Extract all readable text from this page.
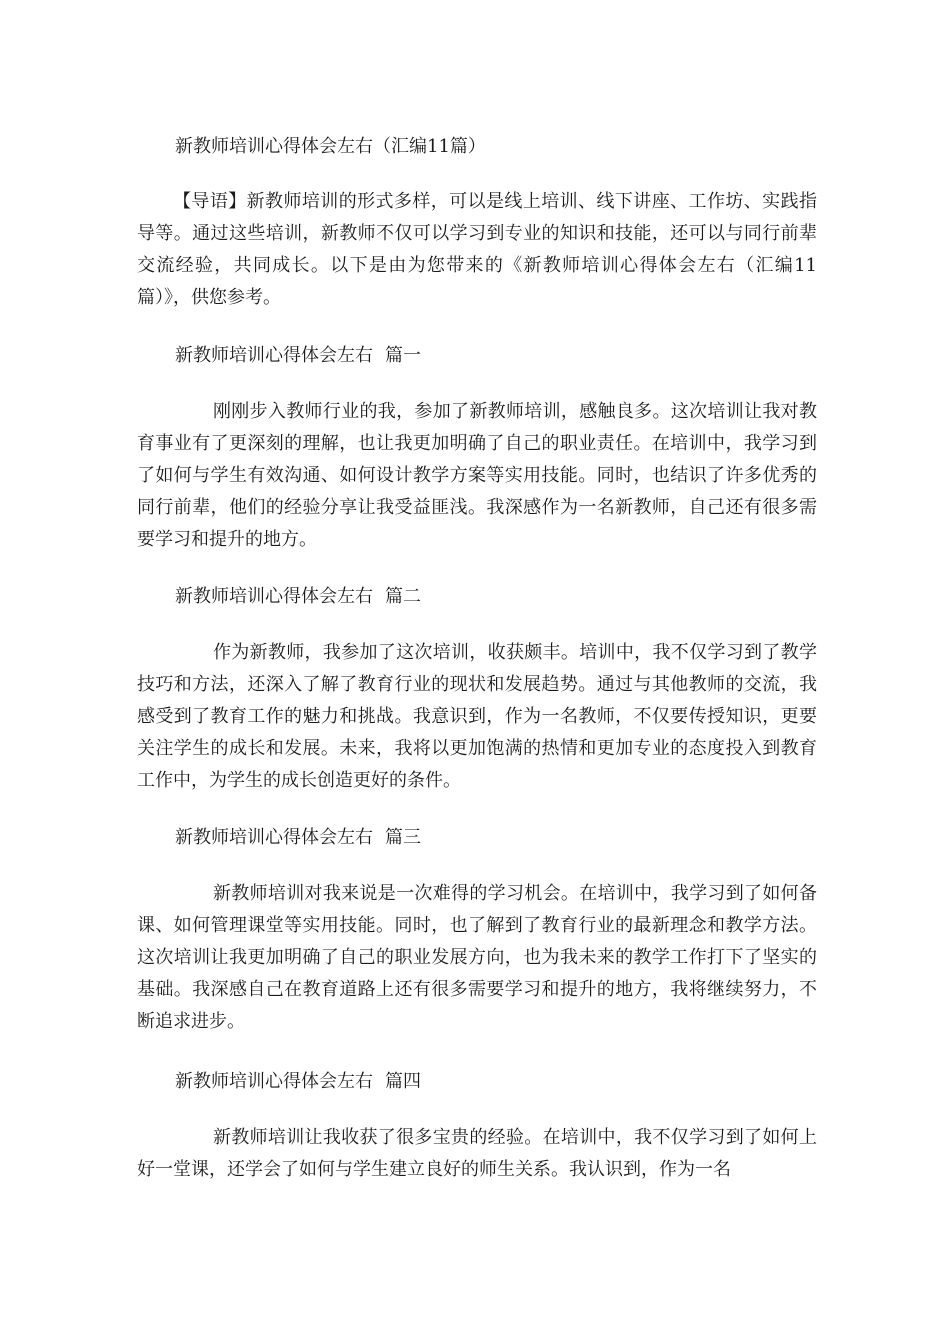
新教师培训心得体会左右（汇编11篇）
【导语】新教师培训的形式多样，可以是线上培训、线下讲座、工作坊、实践指导等。通过这些培训，新教师不仅可以学习到专业的知识和技能，还可以与同行前辈交流经验，共同成长。以下是由为您带来的《新教师培训心得体会左右（汇编11篇）》，供您参考。
新教师培训心得体会左右 篇一
刚刚步入教师行业的我，参加了新教师培训，感触良多。这次培训让我对教育事业有了更深刻的理解，也让我更加明确了自己的职业责任。在培训中，我学习到了如何与学生有效沟通、如何设计教学方案等实用技能。同时，也结识了许多优秀的同行前辈，他们的经验分享让我受益匪浅。我深感作为一名新教师，自己还有很多需要学习和提升的地方。
新教师培训心得体会左右 篇二
作为新教师，我参加了这次培训，收获颇丰。培训中，我不仅学习到了教学技巧和方法，还深入了解了教育行业的现状和发展趋势。通过与其他教师的交流，我感受到了教育工作的魅力和挑战。我意识到，作为一名教师，不仅要传授知识，更要关注学生的成长和发展。未来，我将以更加饱满的热情和更加专业的态度投入到教育工作中，为学生的成长创造更好的条件。
新教师培训心得体会左右 篇三
新教师培训对我来说是一次难得的学习机会。在培训中，我学习到了如何备课、如何管理课堂等实用技能。同时，也了解到了教育行业的最新理念和教学方法。这次培训让我更加明确了自己的职业发展方向，也为我未来的教学工作打下了坚实的基础。我深感自己在教育道路上还有很多需要学习和提升的地方，我将继续努力，不断追求进步。
新教师培训心得体会左右 篇四
新教师培训让我收获了很多宝贵的经验。在培训中，我不仅学习到了如何上好一堂课，还学会了如何与学生建立良好的师生关系。我认识到，作为一名
